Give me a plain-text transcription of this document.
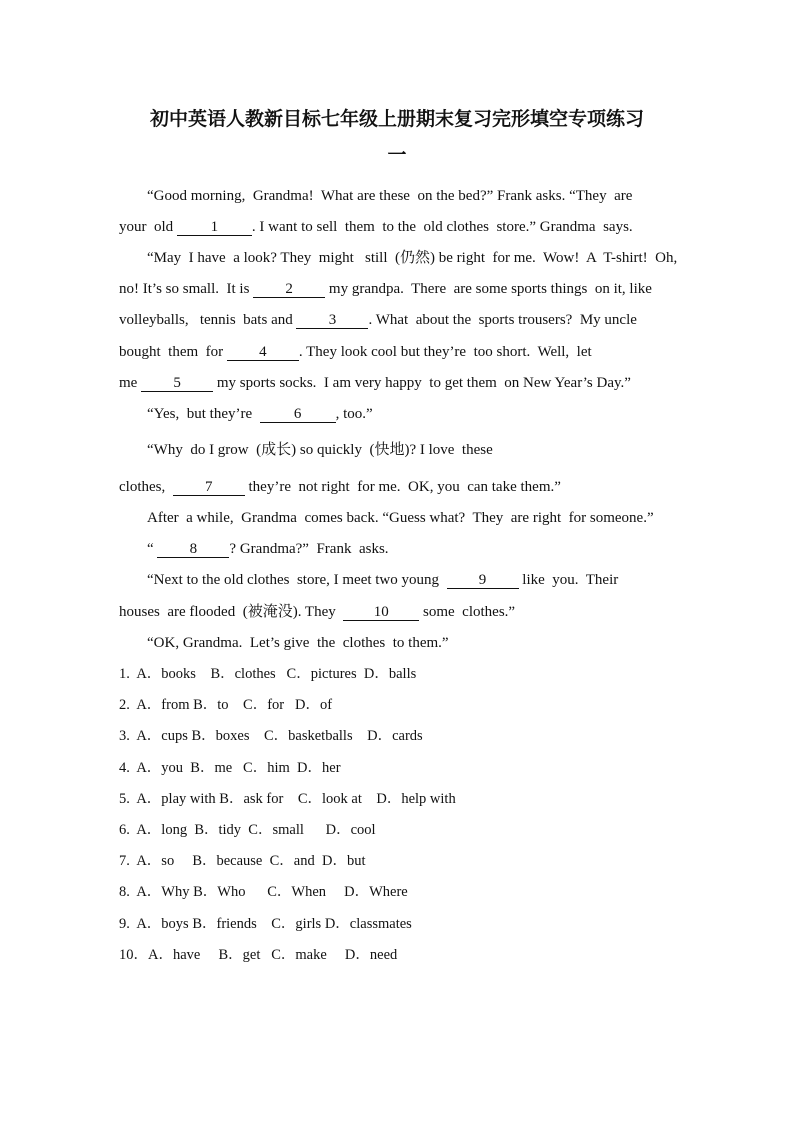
初中英语人教新目标七年级上册期末复习完形填空专项练习
一
“Good morning,  Grandma!  What are these  on the bed?” Frank asks. “They  are
your  old 1 . I want to sell  them  to the  old clothes  store.” Grandma  says.
“May  I have  a look? They  might   still  (仍然) be right  for me.  Wow!  A  T-shirt!  Oh,
no! It’s so small.  It is 2 my grandpa.  There  are some sports things  on it, like
volleyballs,   tennis  bats and 3 . What  about the  sports trousers?  My uncle
bought  them  for 4 . They look cool but they’re  too short.  Well,  let
me 5 my sports socks.  I am very happy  to get them  on New Year’s Day.”
“Yes,  but they’re  6 , too.”
“Why  do I grow  (成长) so quickly  (快地)? I love  these
clothes,  7 they’re  not right  for me.  OK, you  can take them.”
After  a while,  Grandma  comes back. “Guess what?  They  are right  for someone.”
“ 8 ? Grandma?”  Frank  asks.
“Next to the old clothes  store, I meet two young  9 like  you.  Their
houses  are flooded  (被淹没). They  10 some  clothes.”
“OK, Grandma.  Let’s give  the  clothes  to them.”
1.  A．books    B．clothes   C．pictures  D．balls
2.  A．from B．to    C．for   D．of
3.  A．cups B．boxes    C．basketballs    D．cards
4.  A．you  B．me   C．him  D．her
5.  A．play with B．ask for    C．look at    D．help with
6.  A．long  B．tidy  C．small      D．cool
7.  A．so     B．because  C．and  D．but
8.  A．Why B．Who      C．When     D．Where
9.  A．boys B．friends    C．girls D．classmates
10．A．have     B．get   C．make     D．need
